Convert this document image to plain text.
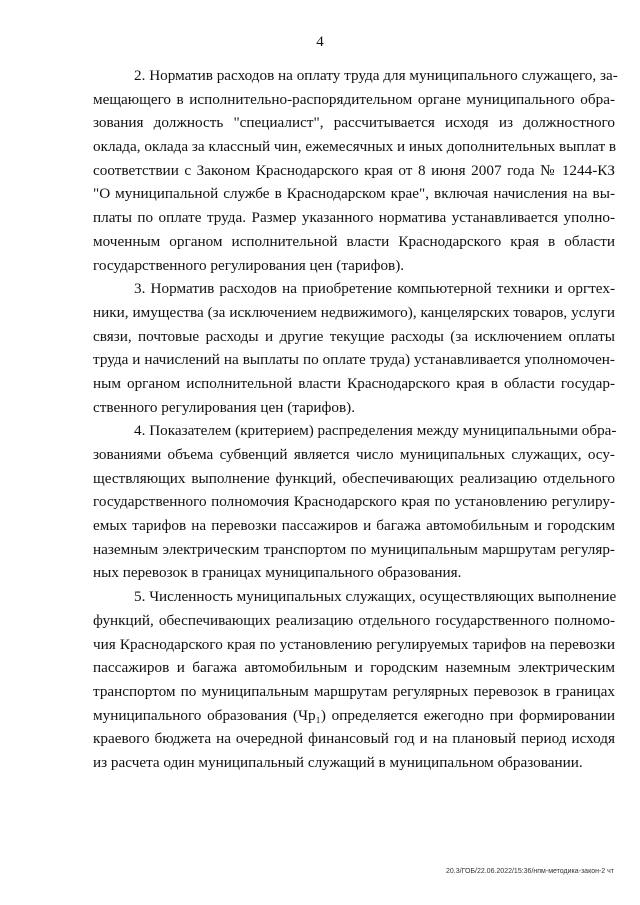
4
2. Норматив расходов на оплату труда для муниципального служащего, за-
мещающего в исполнительно-распорядительном органе муниципального обра-
зования должность "специалист", рассчитывается исходя из должностного
оклада, оклада за классный чин, ежемесячных и иных дополнительных выплат в
соответствии с Законом Краснодарского края от 8 июня 2007 года № 1244-КЗ
"О муниципальной службе в Краснодарском крае", включая начисления на вы-
платы по оплате труда. Размер указанного норматива устанавливается уполно-
моченным органом исполнительной власти Краснодарского края в области
государственного регулирования цен (тарифов).
3. Норматив расходов на приобретение компьютерной техники и оргтех-
ники, имущества (за исключением недвижимого), канцелярских товаров, услуги
связи, почтовые расходы и другие текущие расходы (за исключением оплаты
труда и начислений на выплаты по оплате труда) устанавливается уполномочен-
ным органом исполнительной власти Краснодарского края в области государ-
ственного регулирования цен (тарифов).
4. Показателем (критерием) распределения между муниципальными обра-
зованиями объема субвенций является число муниципальных служащих, осу-
ществляющих выполнение функций, обеспечивающих реализацию отдельного
государственного полномочия Краснодарского края по установлению регулиру-
емых тарифов на перевозки пассажиров и багажа автомобильным и городским
наземным электрическим транспортом по муниципальным маршрутам регуляр-
ных перевозок в границах муниципального образования.
5. Численность муниципальных служащих, осуществляющих выполнение
функций, обеспечивающих реализацию отдельного государственного полномо-
чия Краснодарского края по установлению регулируемых тарифов на перевозки
пассажиров и багажа автомобильным и городским наземным электрическим
транспортом по муниципальным маршрутам регулярных перевозок в границах
муниципального образования (Чр₁) определяется ежегодно при формировании
краевого бюджета на очередной финансовый год и на плановый период исходя
из расчета один муниципальный служащий в муниципальном образовании.
20.3/ГОБ/22.06.2022/15:36/нпм-методика-закон-2 чт
